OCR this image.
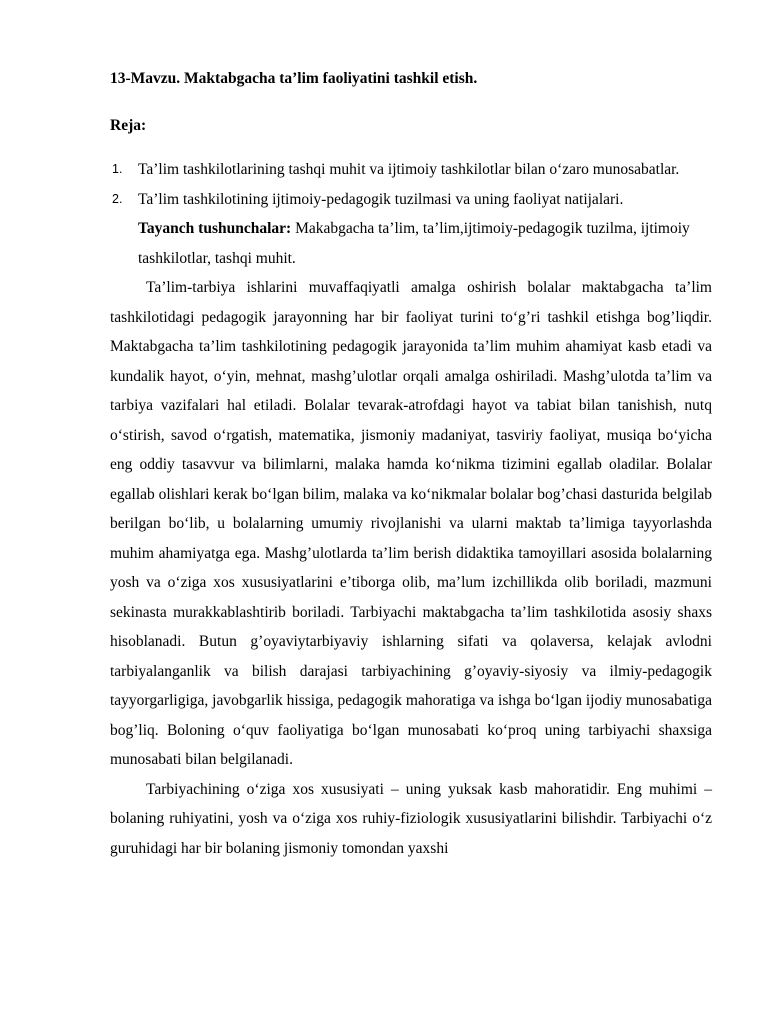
13-Mavzu. Maktabgacha ta’lim faoliyatini tashkil etish.

Reja:

1. Ta’lim tashkilotlarining tashqi muhit va ijtimoiy tashkilotlar bilan o‘zaro munosabatlar.
2. Ta’lim tashkilotining ijtimoiy-pedagogik tuzilmasi va uning faoliyat natijalari.

Tayanch tushunchalar: Makabgacha ta’lim, ta’lim,ijtimoiy-pedagogik tuzilma, ijtimoiy tashkilotlar, tashqi muhit.

Ta’lim-tarbiya ishlarini muvaffaqiyatli amalga oshirish bolalar maktabgacha ta’lim tashkilotidagi pedagogik jarayonning har bir faoliyat turini to‘g’ri tashkil etishga bog’liqdir. Maktabgacha ta’lim tashkilotining pedagogik jarayonida ta’lim muhim ahamiyat kasb etadi va kundalik hayot, o‘yin, mehnat, mashg’ulotlar orqali amalga oshiriladi. Mashg’ulotda ta’lim va tarbiya vazifalari hal etiladi. Bolalar tevarak-atrofdagi hayot va tabiat bilan tanishish, nutq o‘stirish, savod o‘rgatish, matematika, jismoniy madaniyat, tasviriy faoliyat, musiqa bo‘yicha eng oddiy tasavvur va bilimlarni, malaka hamda ko‘nikma tizimini egallab oladilar. Bolalar egallab olishlari kerak bo‘lgan bilim, malaka va ko‘nikmalar bolalar bog’chasi dasturida belgilab berilgan bo‘lib, u bolalarning umumiy rivojlanishi va ularni maktab ta’limiga tayyorlashda muhim ahamiyatga ega. Mashg’ulotlarda ta’lim berish didaktika tamoyillari asosida bolalarning yosh va o‘ziga xos xususiyatlarini e’tiborga olib, ma’lum izchillikda olib boriladi, mazmuni sekinasta murakkablashtirib boriladi. Tarbiyachi maktabgacha ta’lim tashkilotida asosiy shaxs hisoblanadi. Butun g’oyaviytarbiyaviy ishlarning sifati va qolaversa, kelajak avlodni tarbiyalanganlik va bilish darajasi tarbiyachining g’oyaviy-siyosiy va ilmiy-pedagogik tayyorgarligiga, javobgarlik hissiga, pedagogik mahoratiga va ishga bo‘lgan ijodiy munosabatiga bog’liq. Boloning o‘quv faoliyatiga bo‘lgan munosabati ko‘proq uning tarbiyachi shaxsiga munosabati bilan belgilanadi.

Tarbiyachining o‘ziga xos xususiyati – uning yuksak kasb mahoratidir. Eng muhimi – bolaning ruhiyatini, yosh va o‘ziga xos ruhiy-fiziologik xususiyatlarini bilishdir. Tarbiyachi o‘z guruhidagi har bir bolaning jismoniy tomondan yaxshi
